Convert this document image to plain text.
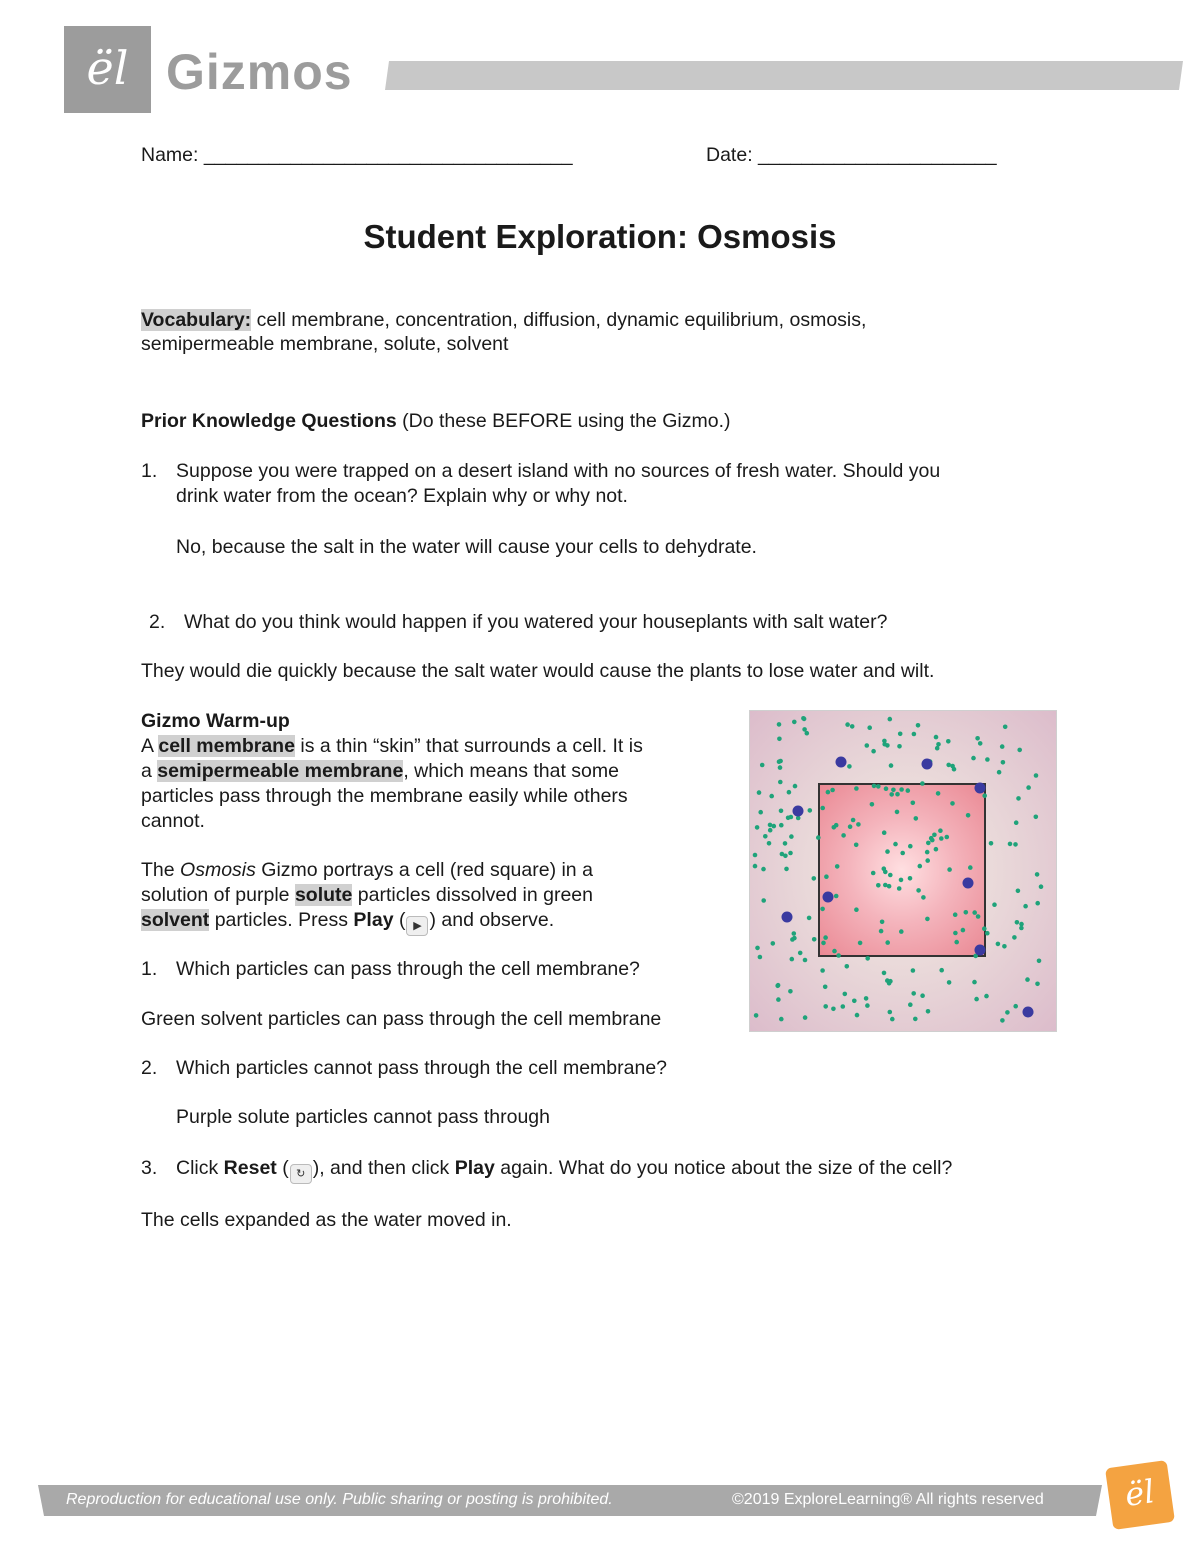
ël Gizmos
Name: __________________________________	Date: ______________________
Student Exploration: Osmosis
Vocabulary: cell membrane, concentration, diffusion, dynamic equilibrium, osmosis,
semipermeable membrane, solute, solvent
Prior Knowledge Questions (Do these BEFORE using the Gizmo.)
1. Suppose you were trapped on a desert island with no sources of fresh water. Should you
drink water from the ocean? Explain why or why not.
No, because the salt in the water will cause your cells to dehydrate.
2. What do you think would happen if you watered your houseplants with salt water?
They would die quickly because the salt water would cause the plants to lose water and wilt.
Gizmo Warm-up
A cell membrane is a thin “skin” that surrounds a cell. It is
a semipermeable membrane, which means that some
particles pass through the membrane easily while others
cannot.
The Osmosis Gizmo portrays a cell (red square) in a
solution of purple solute particles dissolved in green
solvent particles. Press Play ( ▶ ) and observe.
1. Which particles can pass through the cell membrane?
Green solvent particles can pass through the cell membrane
2. Which particles cannot pass through the cell membrane?
Purple solute particles cannot pass through
3. Click Reset ( ↻ ), and then click Play again. What do you notice about the size of the cell?
The cells expanded as the water moved in.
Reproduction for educational use only. Public sharing or posting is prohibited.	©2019 ExploreLearning® All rights reserved	ël
